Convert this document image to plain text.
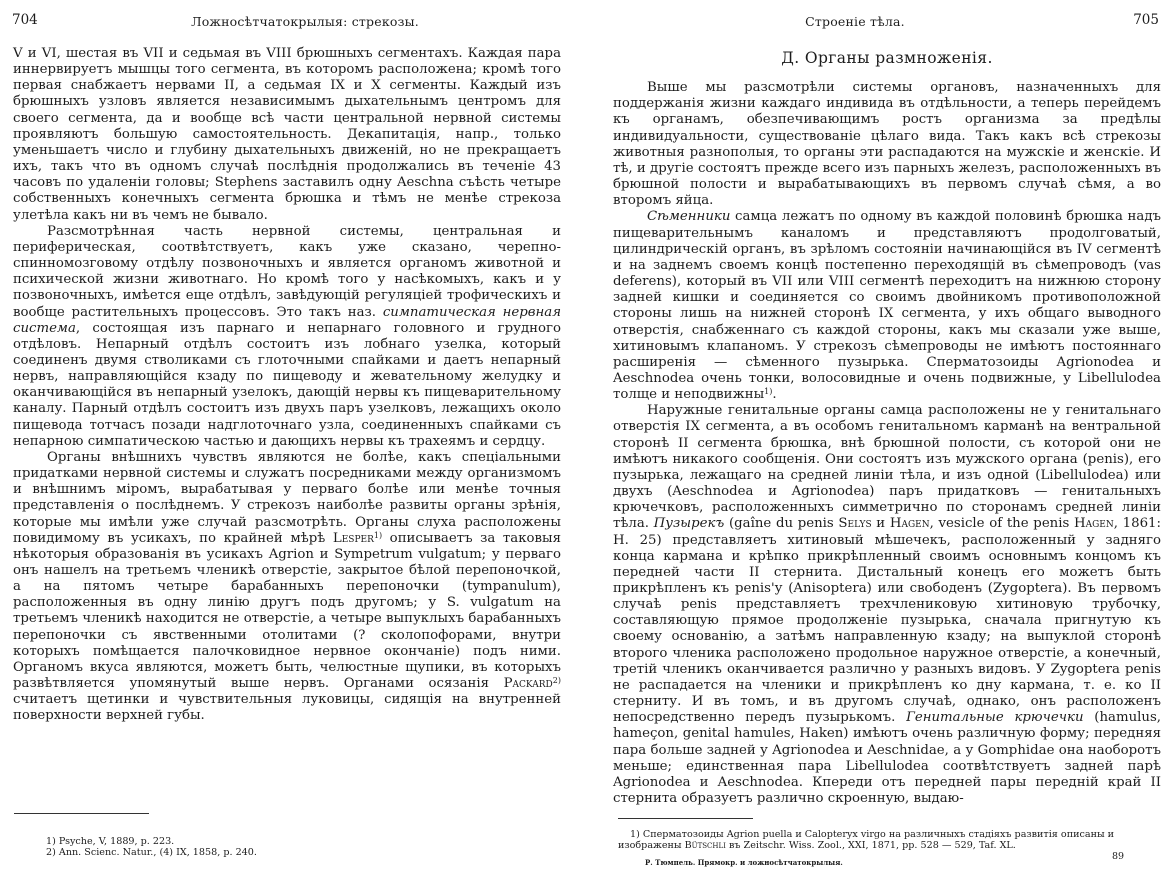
704	Ложносѣтчатокрылыя: стрекозы.

V и VI, шестая въ VII и седьмая въ VIII брюшныхъ сегментахъ. Каждая пара иннервируетъ мышцы того сегмента, въ которомъ расположена; кромѣ того первая снабжаетъ нервами II, а седьмая IX и X сегменты. Каждый изъ брюшныхъ узловъ является независимымъ дыхательнымъ центромъ для своего сегмента, да и вообще всѣ части центральной нервной системы проявляютъ большую самостоятельность. Декапитація, напр., только уменьшаетъ число и глубину дыхательныхъ движеній, но не прекращаетъ ихъ, такъ что въ одномъ случаѣ послѣднія продолжались въ теченіе 43 часовъ по удаленіи головы; Stephens заставилъ одну Aeschna съѣсть четыре собственныхъ конечныхъ сегмента брюшка и тѣмъ не менѣе стрекоза улетѣла какъ ни въ чемъ не бывало.

Разсмотрѣнная часть нервной системы, центральная и периферическая, соотвѣтствуетъ, какъ уже сказано, черепно-спинномозговому отдѣлу позвоночныхъ и является органомъ животной и психической жизни животнаго. Но кромѣ того у насѣкомыхъ, какъ и у позвоночныхъ, имѣется еще отдѣлъ, завѣдующій регуляціей трофическихъ и вообще растительныхъ процессовъ. Это такъ наз. симпатическая нервная система, состоящая изъ парнаго и непарнаго головного и грудного отдѣловъ. Непарный отдѣлъ состоитъ изъ лобнаго узелка, который соединенъ двумя стволиками съ глоточными спайками и даетъ непарный нервъ, направляющійся кзаду по пищеводу и жевательному желудку и оканчивающійся въ непарный узелокъ, дающій нервы къ пищеварительному каналу. Парный отдѣлъ состоитъ изъ двухъ паръ узелковъ, лежащихъ около пищевода тотчасъ позади надглоточнаго узла, соединенныхъ спайками съ непарною симпатическою частью и дающихъ нервы къ трахеямъ и сердцу.

Органы внѣшнихъ чувствъ являются не болѣе, какъ спеціальными придатками нервной системы и служатъ посредниками между организмомъ и внѣшнимъ міромъ, вырабатывая у перваго болѣе или менѣе точныя представленія о послѣднемъ. У стрекозъ наиболѣе развиты органы зрѣнія, которые мы имѣли уже случай разсмотрѣть. Органы слуха расположены повидимому въ усикахъ, по крайней мѣрѣ Lesper$^{1)}$ описываетъ за таковыя нѣкоторыя образованія въ усикахъ Agrion и Sympetrum vulgatum; у перваго онъ нашелъ на третьемъ членикѣ отверстіе, закрытое бѣлой перепоночкой, а на пятомъ четыре барабанныхъ перепоночки (tympanulum), расположенныя въ одну линію другъ подъ другомъ; у S. vulgatum на третьемъ членикѣ находится не отверстіе, а четыре выпуклыхъ барабанныхъ перепоночки съ явственными отолитами (? сколопофорами, внутри которыхъ помѣщается палочковидное нервное окончаніе) подъ ними. Органомъ вкуса являются, можетъ быть, челюстные щупики, въ которыхъ развѣтвляется упомянутый выше нервъ. Органами осязанія Packard$^{2)}$ считаетъ щетинки и чувствительныя луковицы, сидящія на внутренней поверхности верхней губы.

1) Psyche, V, 1889, p. 223.
2) Ann. Scienc. Natur., (4) IX, 1858, p. 240.
Строеніе тѣла.	705
Д. Органы размноженія.

Выше мы разсмотрѣли системы органовъ, назначенныхъ для поддержанія жизни каждаго индивида въ отдѣльности, а теперь перейдемъ къ органамъ, обезпечивающимъ ростъ организма за предѣлы индивидуальности, существованіе цѣлаго вида. Такъ какъ всѣ стрекозы животныя разнополыя, то органы эти распадаются на мужскіе и женскіе. И тѣ, и другіе состоятъ прежде всего изъ парныхъ железъ, расположенныхъ въ брюшной полости и вырабатывающихъ въ первомъ случаѣ сѣмя, а во второмъ яйца.

Сѣменники самца лежатъ по одному въ каждой половинѣ брюшка надъ пищеварительнымъ каналомъ и представляютъ продолговатый, цилиндрическій органъ, въ зрѣломъ состояніи начинающійся въ IV сегментѣ и на заднемъ своемъ концѣ постепенно переходящій въ сѣмепроводъ (vas deferens), который въ VII или VIII сегментѣ переходитъ на нижнюю сторону задней кишки и соединяется со своимъ двойникомъ противоположной стороны лишь на нижней сторонѣ IX сегмента, у ихъ общаго выводного отверстія, снабженнаго съ каждой стороны, какъ мы сказали уже выше, хитиновымъ клапаномъ. У стрекозъ сѣмепроводы не имѣютъ постояннаго расширенія — сѣменного пузырька. Сперматозоиды Agrionodea и Aeschnodea очень тонки, волосовидные и очень подвижные, у Libellulodea толще и неподвижны$^{1)}$.

Наружные генитальные органы самца расположены не у генитальнаго отверстія IX сегмента, а въ особомъ генитальномъ карманѣ на вентральной сторонѣ II сегмента брюшка, внѣ брюшной полости, съ которой они не имѣютъ никакого сообщенія. Они состоятъ изъ мужского органа (penis), его пузырька, лежащаго на средней линіи тѣла, и изъ одной (Libellulodea) или двухъ (Aeschnodea и Agrionodea) паръ придатковъ — генитальныхъ крючечковъ, расположенныхъ симметрично по сторонамъ средней линіи тѣла. Пузырекъ (gaîne du penis Selys и Hagen, vesicle of the penis Hagen, 1861: H. 25) представляетъ хитиновый мѣшечекъ, расположенный у задняго конца кармана и крѣпко прикрѣпленный своимъ основнымъ концомъ къ передней части II стернита. Дистальный конецъ его можетъ быть прикрѣпленъ къ penis'у (Anisoptera) или свободенъ (Zygoptera). Въ первомъ случаѣ penis представляетъ трехчлениковую хитиновую трубочку, составляющую прямое продолженіе пузырька, сначала пригнутую къ своему основанію, а затѣмъ направленную кзаду; на выпуклой сторонѣ второго членика расположено продольное наружное отверстіе, а конечный, третій членикъ оканчивается различно у разныхъ видовъ. У Zygoptera penis не распадается на членики и прикрѣпленъ ко дну кармана, т. е. ко II стерниту. И въ томъ, и въ другомъ случаѣ, однако, онъ расположенъ непосредственно передъ пузырькомъ. Генитальные крючечки (hamulus, hameçon, genital hamules, Haken) имѣютъ очень различную форму; передняя пара больше задней у Agrionodea и Aeschnidae, а у Gomphidae она наоборотъ меньше; единственная пара Libellulodea соотвѣтствуетъ задней парѣ Agrionodea и Aeschnodea. Кпереди отъ передней пары передній край II стернита образуетъ различно скроенную, выдаю-

1) Сперматозоиды Agrion puella и Calopteryx virgo на различныхъ стадіяхъ развитія описаны и изображены Bütschli въ Zeitschr. Wiss. Zool., XXI, 1871, pp. 528 — 529, Taf. XL.
Р. Тюмпель. Прямокр. и ложносѣтчатокрылыя.
89
